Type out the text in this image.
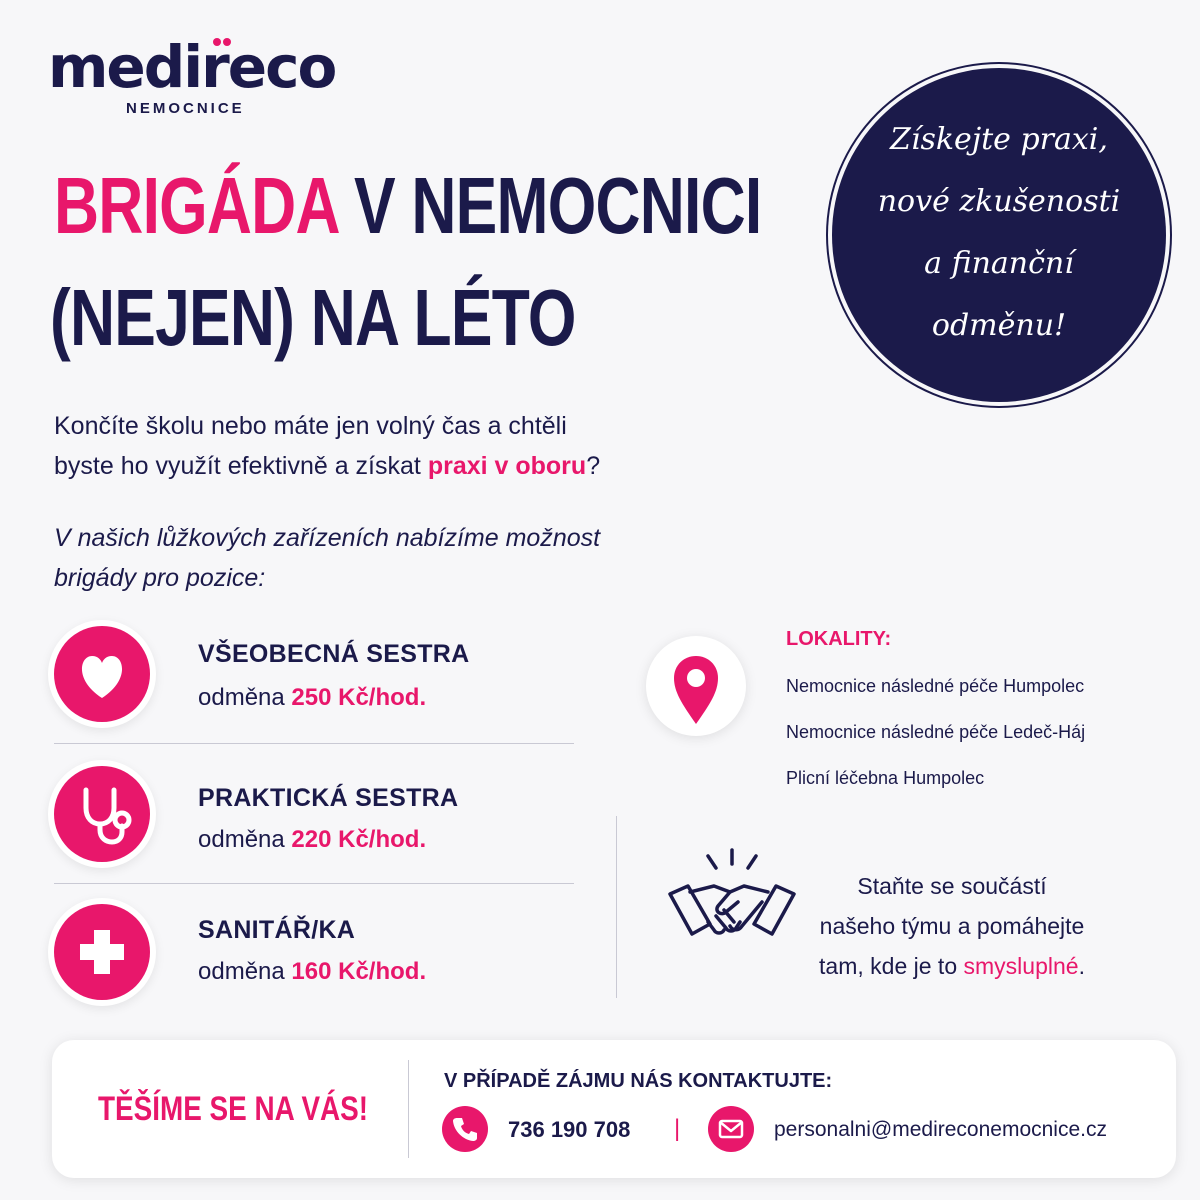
medireco
NEMOCNICE
BRIGÁDA V NEMOCNICI
(NEJEN) NA LÉTO
Získejte praxi,
nové zkušenosti
a finanční
odměnu!
Končíte školu nebo máte jen volný čas a chtěli
byste ho využít efektivně a získat praxi v oboru?
V našich lůžkových zařízeních nabízíme možnost
brigády pro pozice:
VŠEOBECNÁ SESTRA
odměna 250 Kč/hod.
PRAKTICKÁ SESTRA
odměna 220 Kč/hod.
SANITÁŘ/KA
odměna 160 Kč/hod.
LOKALITY:
Nemocnice následné péče Humpolec
Nemocnice následné péče Ledeč-Háj
Plicní léčebna Humpolec
Staňte se součástí
našeho týmu a pomáhejte
tam, kde je to smysluplné.
TĚŠÍME SE NA VÁS!
V PŘÍPADĚ ZÁJMU NÁS KONTAKTUJTE:
736 190 708 |	personalni@medireconemocnice.cz
